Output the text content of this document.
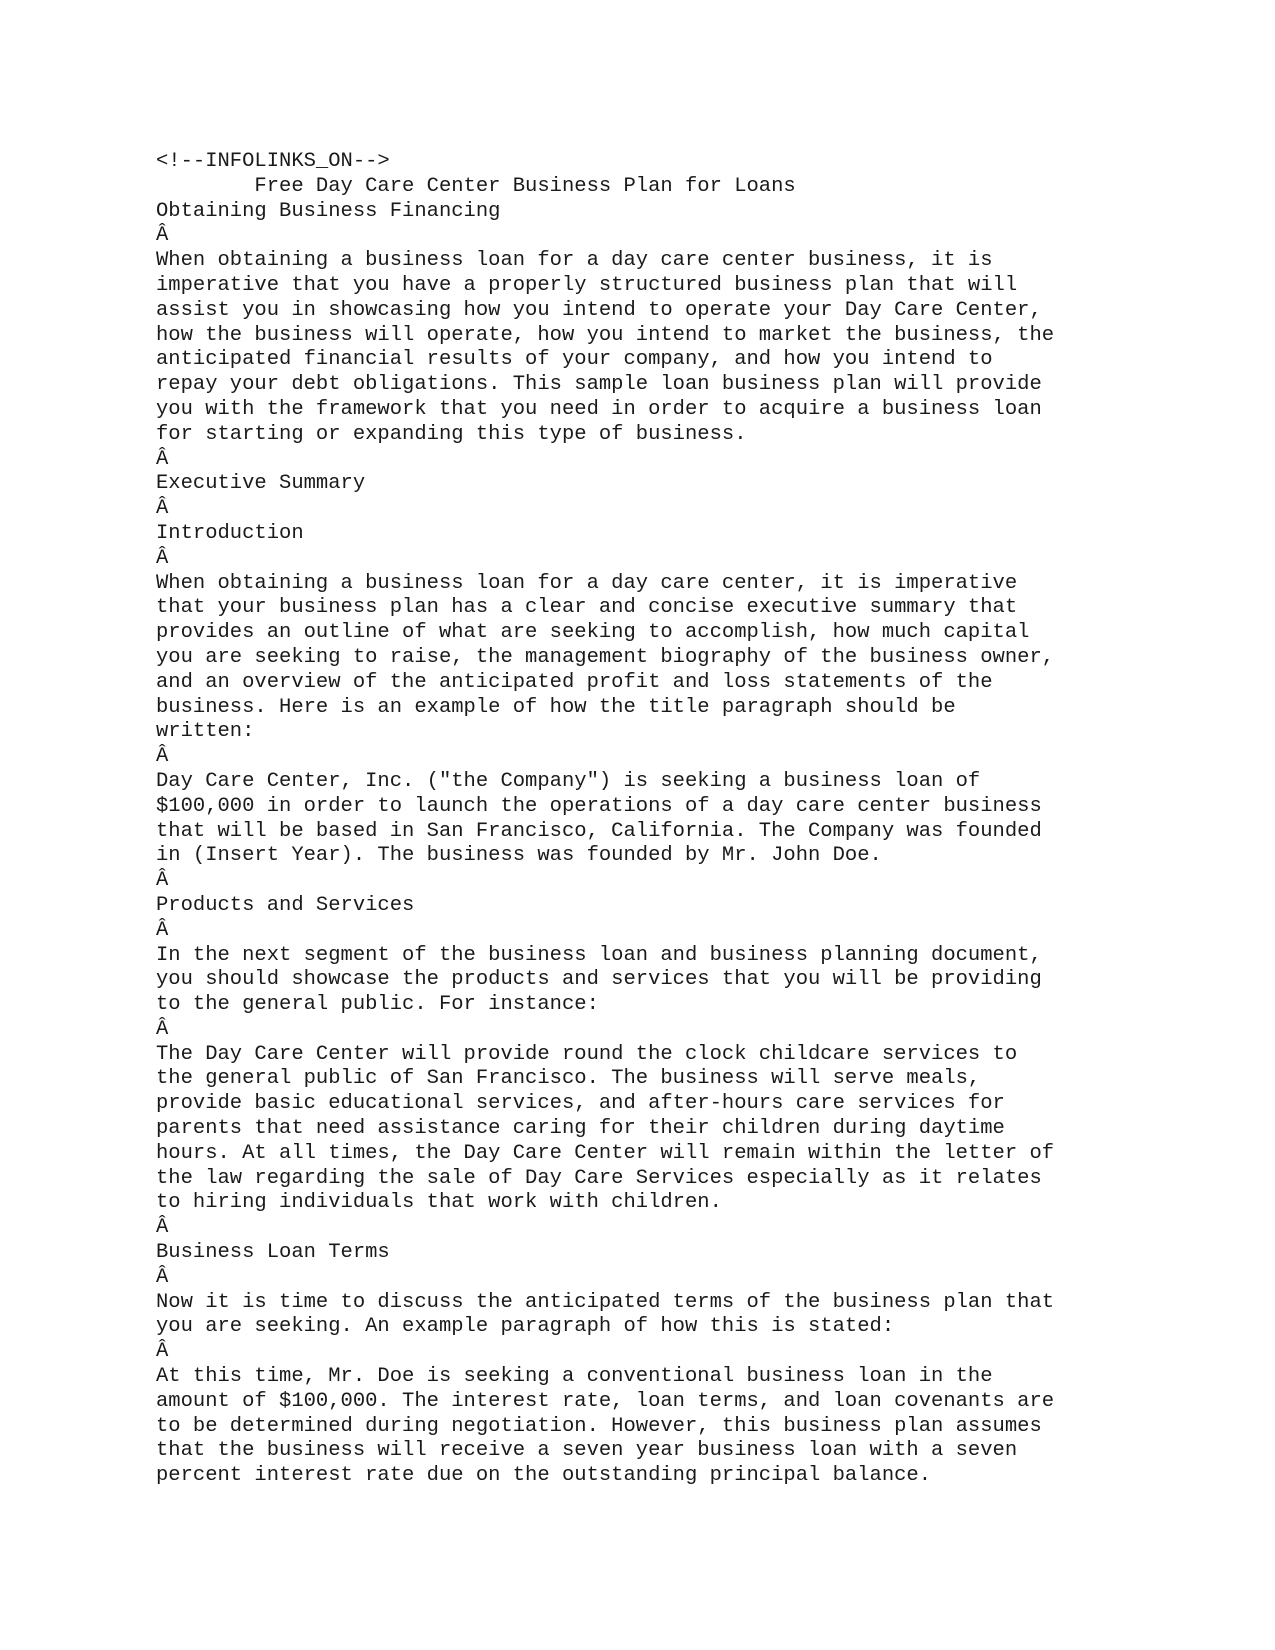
<!--INFOLINKS_ON-->
Free Day Care Center Business Plan for Loans
Obtaining Business Financing
Â
When obtaining a business loan for a day care center business, it is
imperative that you have a properly structured business plan that will
assist you in showcasing how you intend to operate your Day Care Center,
how the business will operate, how you intend to market the business, the
anticipated financial results of your company, and how you intend to
repay your debt obligations. This sample loan business plan will provide
you with the framework that you need in order to acquire a business loan
for starting or expanding this type of business.
Â
Executive Summary
Â
Introduction
Â
When obtaining a business loan for a day care center, it is imperative
that your business plan has a clear and concise executive summary that
provides an outline of what are seeking to accomplish, how much capital
you are seeking to raise, the management biography of the business owner,
and an overview of the anticipated profit and loss statements of the
business. Here is an example of how the title paragraph should be
written:
Â
Day Care Center, Inc. ("the Company") is seeking a business loan of
$100,000 in order to launch the operations of a day care center business
that will be based in San Francisco, California. The Company was founded
in (Insert Year). The business was founded by Mr. John Doe.
Â
Products and Services
Â
In the next segment of the business loan and business planning document,
you should showcase the products and services that you will be providing
to the general public. For instance:
Â
The Day Care Center will provide round the clock childcare services to
the general public of San Francisco. The business will serve meals,
provide basic educational services, and after-hours care services for
parents that need assistance caring for their children during daytime
hours. At all times, the Day Care Center will remain within the letter of
the law regarding the sale of Day Care Services especially as it relates
to hiring individuals that work with children.
Â
Business Loan Terms
Â
Now it is time to discuss the anticipated terms of the business plan that
you are seeking. An example paragraph of how this is stated:
Â
At this time, Mr. Doe is seeking a conventional business loan in the
amount of $100,000. The interest rate, loan terms, and loan covenants are
to be determined during negotiation. However, this business plan assumes
that the business will receive a seven year business loan with a seven
percent interest rate due on the outstanding principal balance.
